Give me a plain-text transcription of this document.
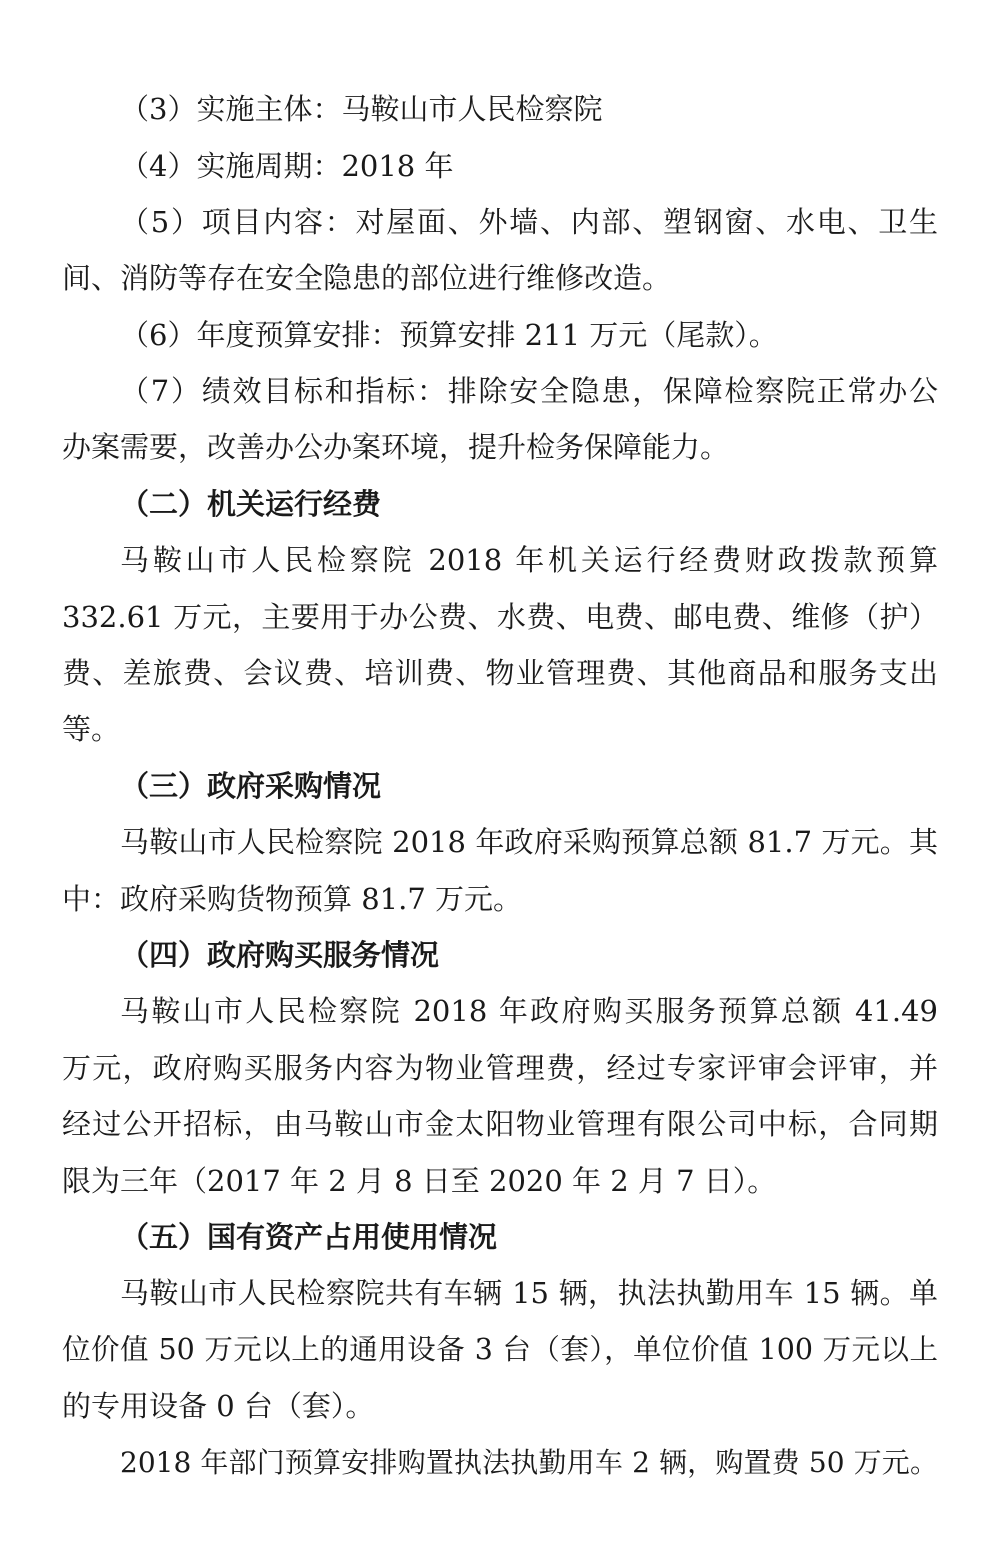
（3）实施主体：马鞍山市人民检察院
（4）实施周期：2018 年
（5）项目内容：对屋面、外墙、内部、塑钢窗、水电、卫生
间、消防等存在安全隐患的部位进行维修改造。
（6）年度预算安排：预算安排 211 万元（尾款）。
（7）绩效目标和指标：排除安全隐患，保障检察院正常办公
办案需要，改善办公办案环境，提升检务保障能力。
（二）机关运行经费
马鞍山市人民检察院 2018 年机关运行经费财政拨款预算
332.61 万元，主要用于办公费、水费、电费、邮电费、维修（护）
费、差旅费、会议费、培训费、物业管理费、其他商品和服务支出
等。
（三）政府采购情况
马鞍山市人民检察院 2018 年政府采购预算总额 81.7 万元。其
中：政府采购货物预算 81.7 万元。
（四）政府购买服务情况
马鞍山市人民检察院 2018 年政府购买服务预算总额 41.49
万元，政府购买服务内容为物业管理费，经过专家评审会评审，并
经过公开招标，由马鞍山市金太阳物业管理有限公司中标，合同期
限为三年（2017 年 2 月 8 日至 2020 年 2 月 7 日）。
（五）国有资产占用使用情况
马鞍山市人民检察院共有车辆 15 辆，执法执勤用车 15 辆。单
位价值 50 万元以上的通用设备 3 台（套），单位价值 100 万元以上
的专用设备 0 台（套）。
2018 年部门预算安排购置执法执勤用车 2 辆，购置费 50 万元。
